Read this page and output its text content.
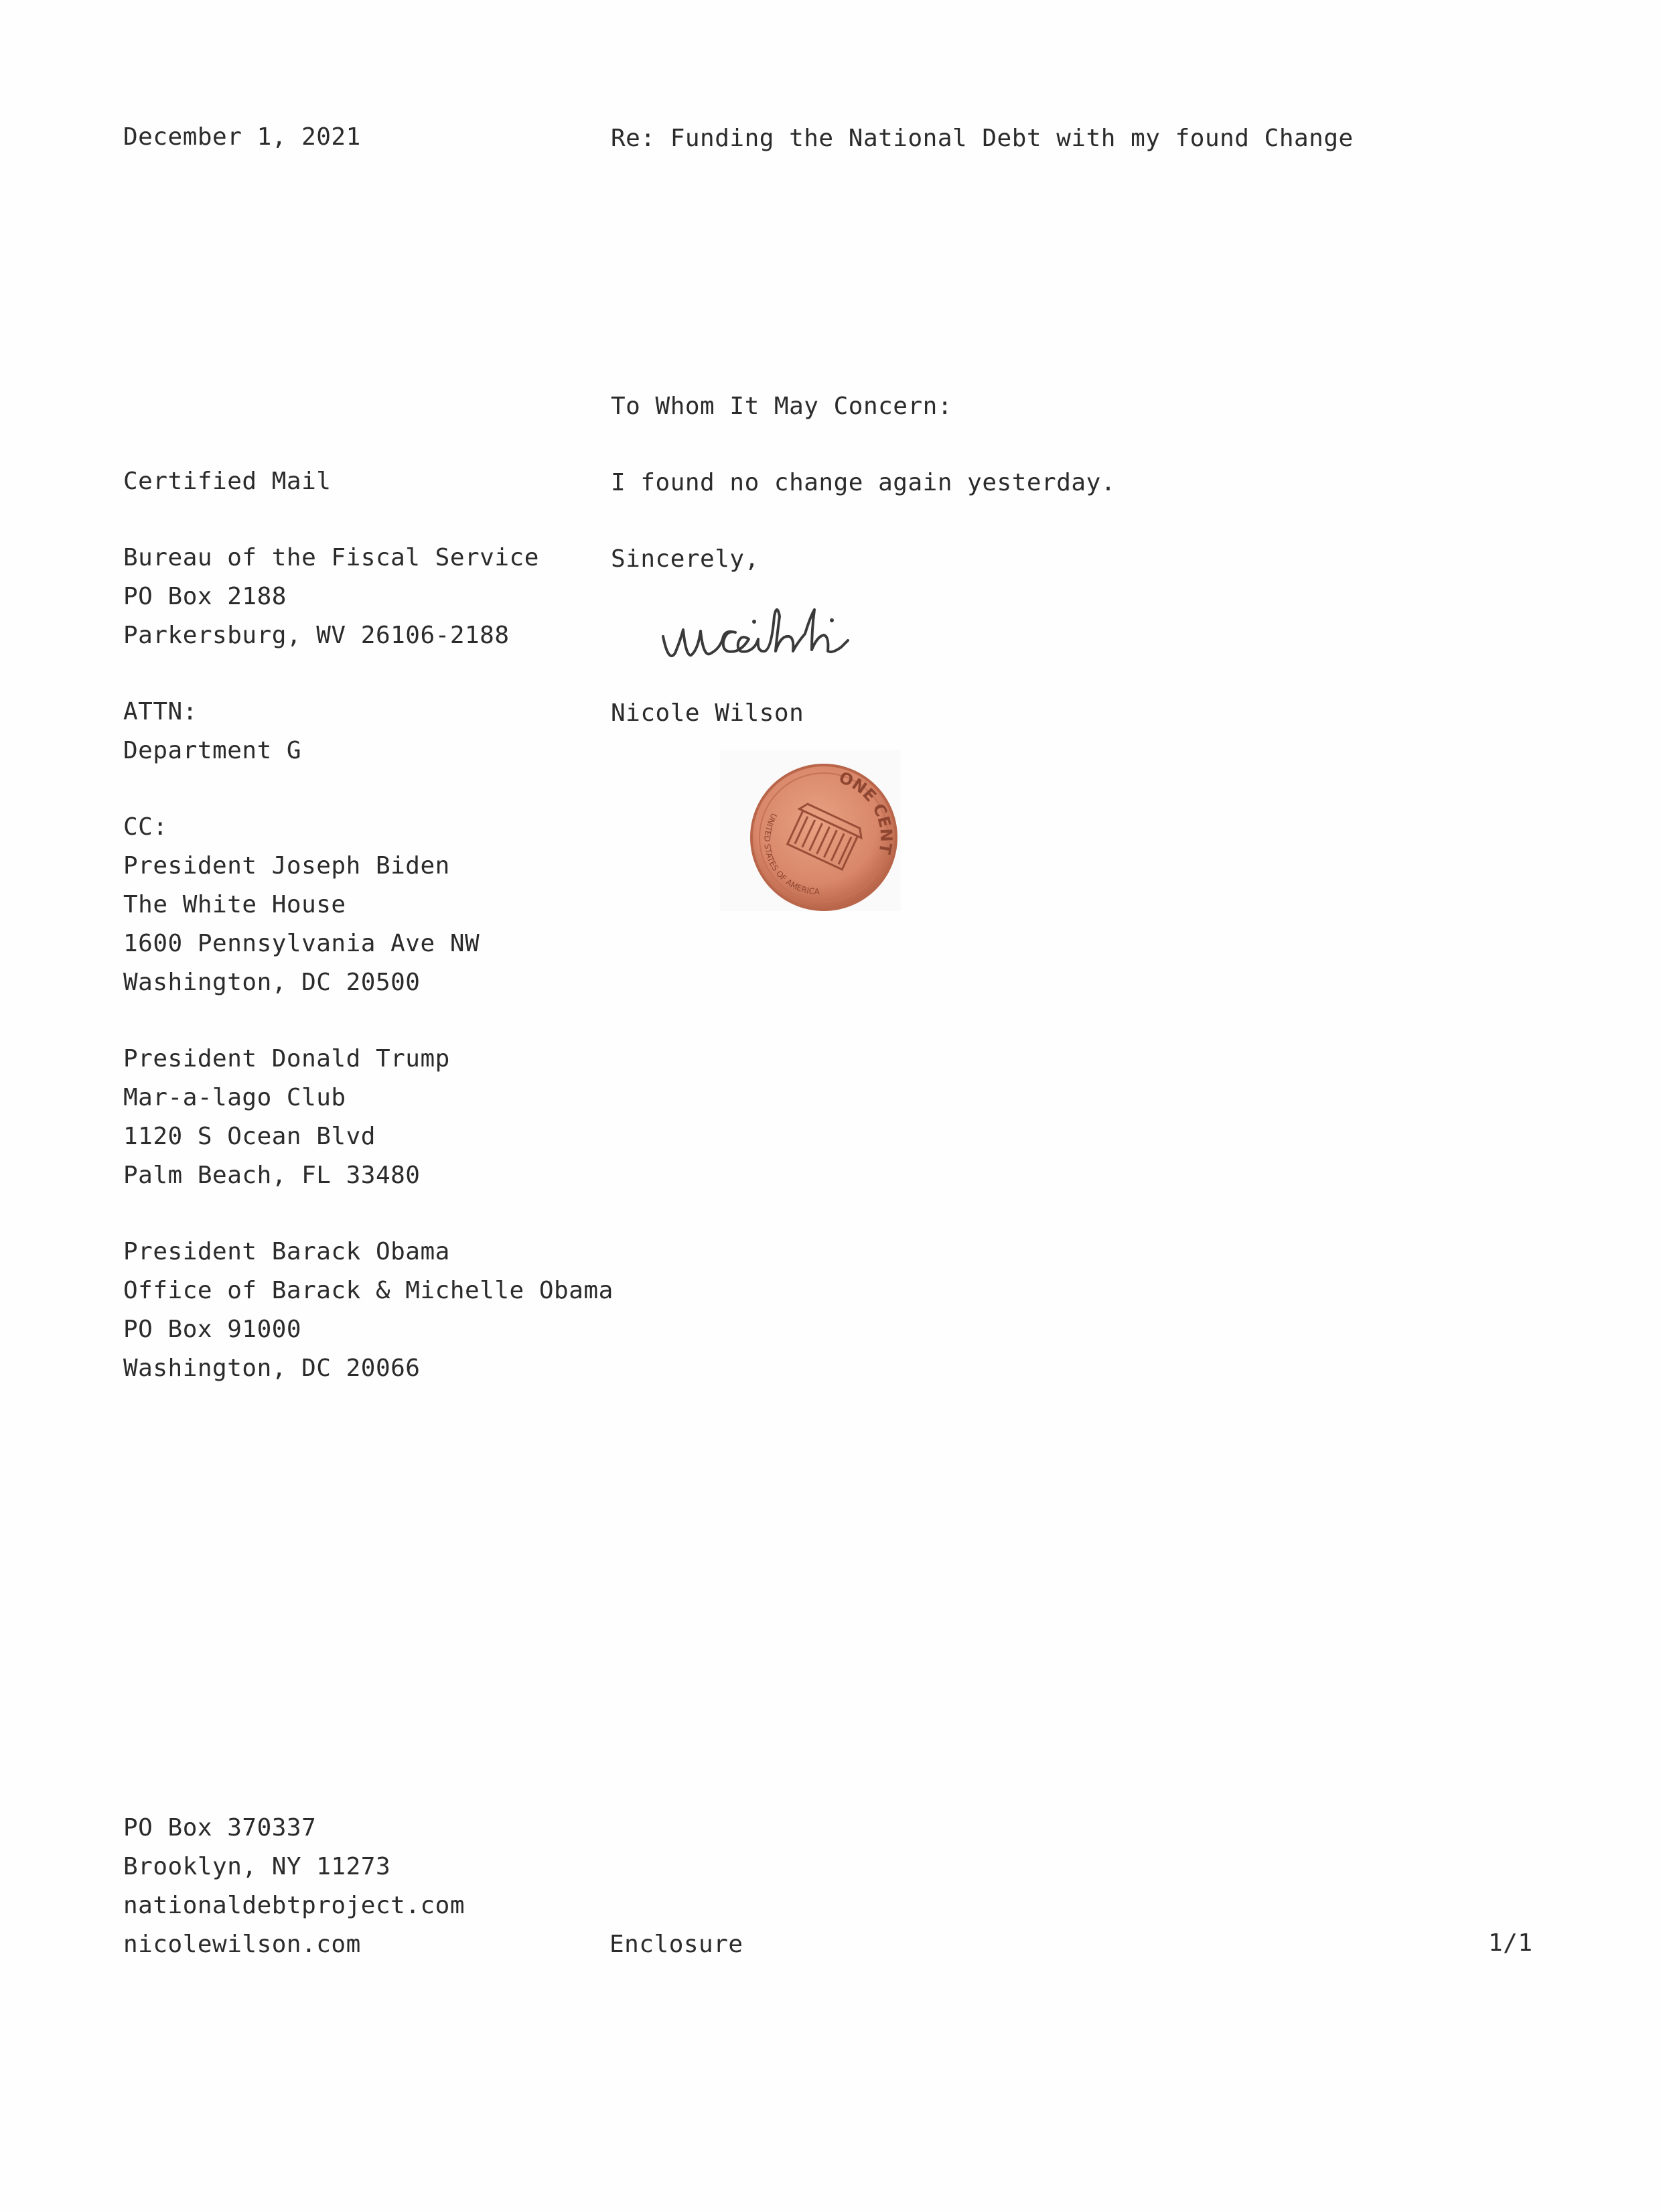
December 1, 2021	Re: Funding the National Debt with my found Change
To Whom It May Concern:
I found no change again yesterday.
Sincerely,
Nicole Wilson
ONE CENT
UNITED STATES OF AMERICA
Certified Mail
Bureau of the Fiscal Service
PO Box 2188
Parkersburg, WV 26106-2188
ATTN:
Department G
CC:
President Joseph Biden
The White House
1600 Pennsylvania Ave NW
Washington, DC 20500
President Donald Trump
Mar-a-lago Club
1120 S Ocean Blvd
Palm Beach, FL 33480
President Barack Obama
Office of Barack & Michelle Obama
PO Box 91000
Washington, DC 20066
PO Box 370337
Brooklyn, NY 11273
nationaldebtproject.com
nicolewilson.com	Enclosure	1/1
